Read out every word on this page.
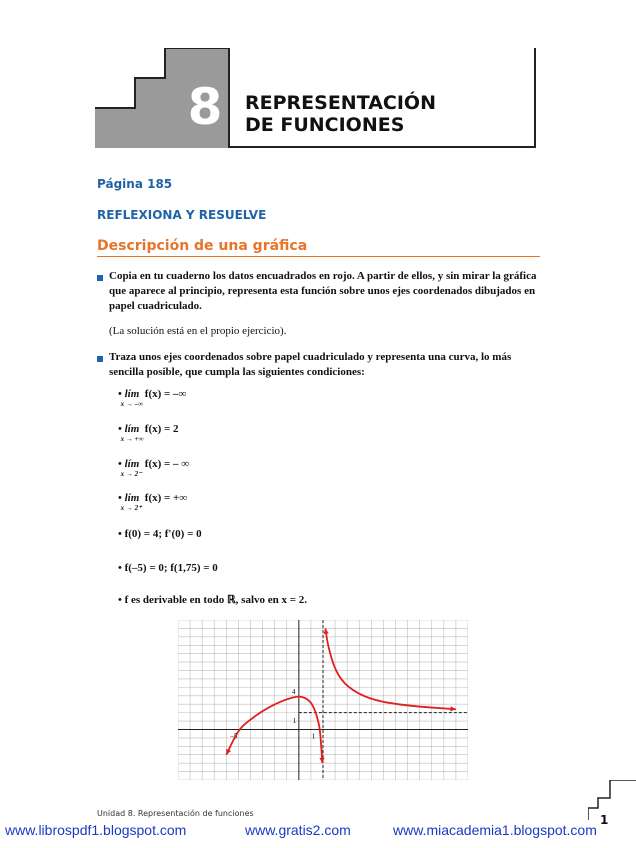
8	REPRESENTACIÓN
DE FUNCIONES
Página 185
REFLEXIONA Y RESUELVE
Descripción de una gráfica
Copia en tu cuaderno los datos encuadrados en rojo. A partir de ellos, y sin mirar la gráfica que aparece al principio, representa esta función sobre unos ejes coordenados dibujados en papel cuadriculado.
(La solución está en el propio ejercicio).
Traza unos ejes coordenados sobre papel cuadriculado y representa una curva, lo más sencilla posible, que cumpla las siguientes condiciones:
• lím
x → –∞
f(x) = –∞
• lím
x → +∞
f(x) = 2
• lím
x → 2⁻
f(x) = – ∞
• lím
x → 2⁺
f(x) = +∞
• f(0) = 4; f'(0) = 0
• f(–5) = 0; f(1,75) = 0
• f es derivable en todo ℝ, salvo en x = 2.
4
1
–5	1
Unidad 8. Representación de funciones	1
www.librospdf1.blogspot.com	www.gratis2.com	www.miacademia1.blogspot.com
